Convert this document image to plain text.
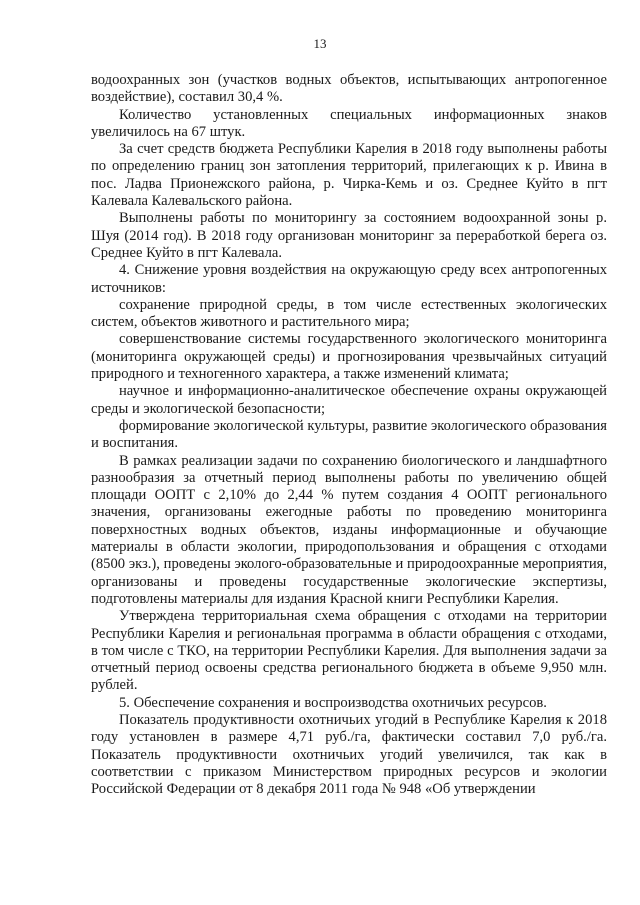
13

водоохранных зон (участков водных объектов, испытывающих антропогенное воздействие), составил 30,4 %.

Количество установленных специальных информационных знаков увеличилось на 67 штук.

За счет средств бюджета Республики Карелия в 2018 году выполнены работы по определению границ зон затопления территорий, прилегающих к р. Ивина в пос. Ладва Прионежского района, р. Чирка-Кемь и оз. Среднее Куйто в пгт Калевала Калевальского района.

Выполнены работы по мониторингу за состоянием водоохранной зоны р. Шуя (2014 год). В 2018 году организован мониторинг за переработкой берега оз. Среднее Куйто в пгт Калевала.

4. Снижение уровня воздействия на окружающую среду всех антропогенных источников:

сохранение природной среды, в том числе естественных экологических систем, объектов животного и растительного мира;

совершенствование системы государственного экологического мониторинга (мониторинга окружающей среды) и прогнозирования чрезвычайных ситуаций природного и техногенного характера, а также изменений климата;

научное и информационно-аналитическое обеспечение охраны окружающей среды и экологической безопасности;

формирование экологической культуры, развитие экологического образования и воспитания.

В рамках реализации задачи по сохранению биологического и ландшафтного разнообразия за отчетный период выполнены работы по увеличению общей площади ООПТ с 2,10% до 2,44 % путем создания 4 ООПТ регионального значения, организованы ежегодные работы по проведению мониторинга поверхностных водных объектов, изданы информационные и обучающие материалы в области экологии, природопользования и обращения с отходами (8500 экз.), проведены эколого-образовательные и природоохранные мероприятия, организованы и проведены государственные экологические экспертизы, подготовлены материалы для издания Красной книги Республики Карелия.

Утверждена территориальная схема обращения с отходами на территории Республики Карелия и региональная программа в области обращения с отходами, в том числе с ТКО, на территории Республики Карелия. Для выполнения задачи за отчетный период освоены средства регионального бюджета в объеме 9,950 млн. рублей.

5. Обеспечение сохранения и воспроизводства охотничьих ресурсов.

Показатель продуктивности охотничьих угодий в Республике Карелия к 2018 году установлен в размере 4,71 руб./га, фактически составил 7,0 руб./га. Показатель продуктивности охотничьих угодий увеличился, так как в соответствии с приказом Министерством природных ресурсов и экологии Российской Федерации от 8 декабря 2011 года № 948 «Об утверждении
